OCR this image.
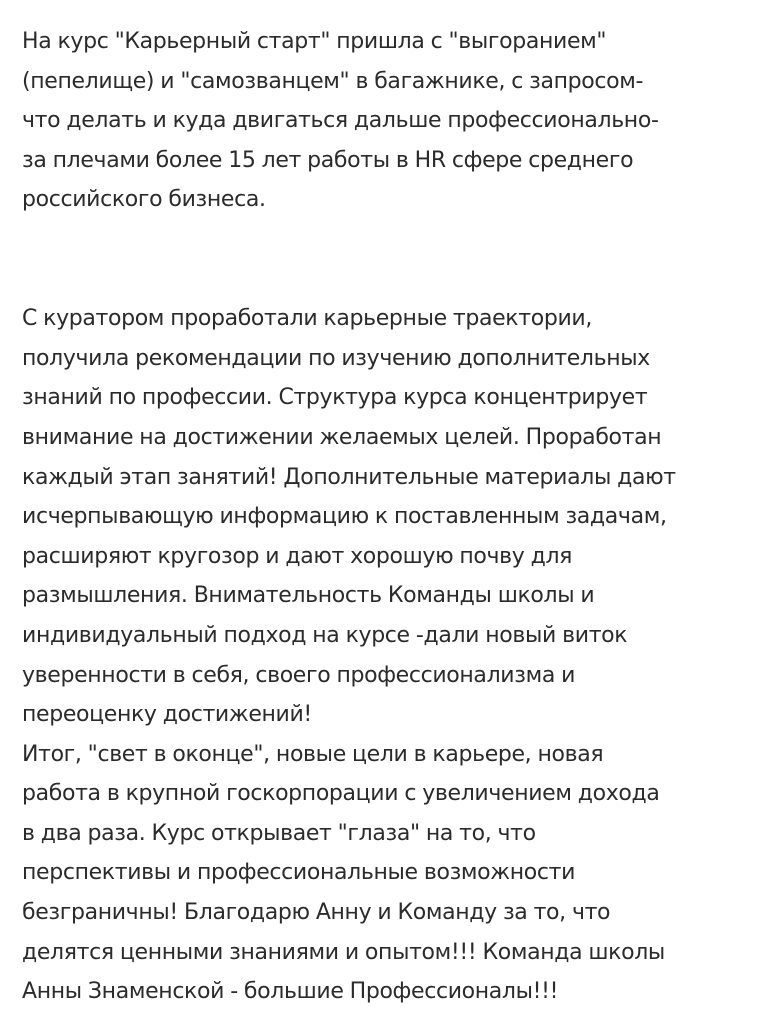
На курс "Карьерный старт" пришла с "выгоранием"
(пепелище) и "самозванцем" в багажнике, с запросом-
что делать и куда двигаться дальше профессионально-
за плечами более 15 лет работы в HR сфере среднего
российского бизнеса.
С куратором проработали карьерные траектории,
получила рекомендации по изучению дополнительных
знаний по профессии. Структура курса концентрирует
внимание на достижении желаемых целей. Проработан
каждый этап занятий! Дополнительные материалы дают
исчерпывающую информацию к поставленным задачам,
расширяют кругозор и дают хорошую почву для
размышления. Внимательность Команды школы и
индивидуальный подход на курсе -дали новый виток
уверенности в себя, своего профессионализма и
переоценку достижений!
Итог, "свет в оконце", новые цели в карьере, новая
работа в крупной госкорпорации с увеличением дохода
в два раза. Курс открывает "глаза" на то, что
перспективы и профессиональные возможности
безграничны! Благодарю Анну и Команду за то, что
делятся ценными знаниями и опытом!!! Команда школы
Анны Знаменской - большие Профессионалы!!!
